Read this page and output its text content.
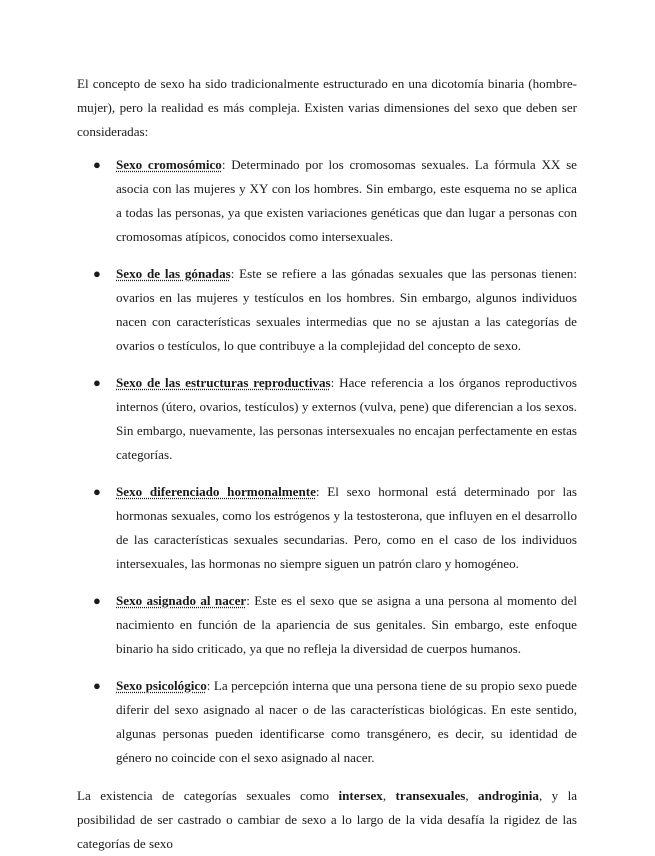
El concepto de sexo ha sido tradicionalmente estructurado en una dicotomía binaria (hombre-mujer), pero la realidad es más compleja. Existen varias dimensiones del sexo que deben ser consideradas:

● Sexo cromosómico: Determinado por los cromosomas sexuales. La fórmula XX se asocia con las mujeres y XY con los hombres. Sin embargo, este esquema no se aplica a todas las personas, ya que existen variaciones genéticas que dan lugar a personas con cromosomas atípicos, conocidos como intersexuales.
● Sexo de las gónadas: Este se refiere a las gónadas sexuales que las personas tienen: ovarios en las mujeres y testículos en los hombres. Sin embargo, algunos individuos nacen con características sexuales intermedias que no se ajustan a las categorías de ovarios o testículos, lo que contribuye a la complejidad del concepto de sexo.
● Sexo de las estructuras reproductivas: Hace referencia a los órganos reproductivos internos (útero, ovarios, testículos) y externos (vulva, pene) que diferencian a los sexos. Sin embargo, nuevamente, las personas intersexuales no encajan perfectamente en estas categorías.
● Sexo diferenciado hormonalmente: El sexo hormonal está determinado por las hormonas sexuales, como los estrógenos y la testosterona, que influyen en el desarrollo de las características sexuales secundarias. Pero, como en el caso de los individuos intersexuales, las hormonas no siempre siguen un patrón claro y homogéneo.
● Sexo asignado al nacer: Este es el sexo que se asigna a una persona al momento del nacimiento en función de la apariencia de sus genitales. Sin embargo, este enfoque binario ha sido criticado, ya que no refleja la diversidad de cuerpos humanos.
● Sexo psicológico: La percepción interna que una persona tiene de su propio sexo puede diferir del sexo asignado al nacer o de las características biológicas. En este sentido, algunas personas pueden identificarse como transgénero, es decir, su identidad de género no coincide con el sexo asignado al nacer.

La existencia de categorías sexuales como intersex, transexuales, androginia, y la posibilidad de ser castrado o cambiar de sexo a lo largo de la vida desafía la rigidez de las categorías de sexo
